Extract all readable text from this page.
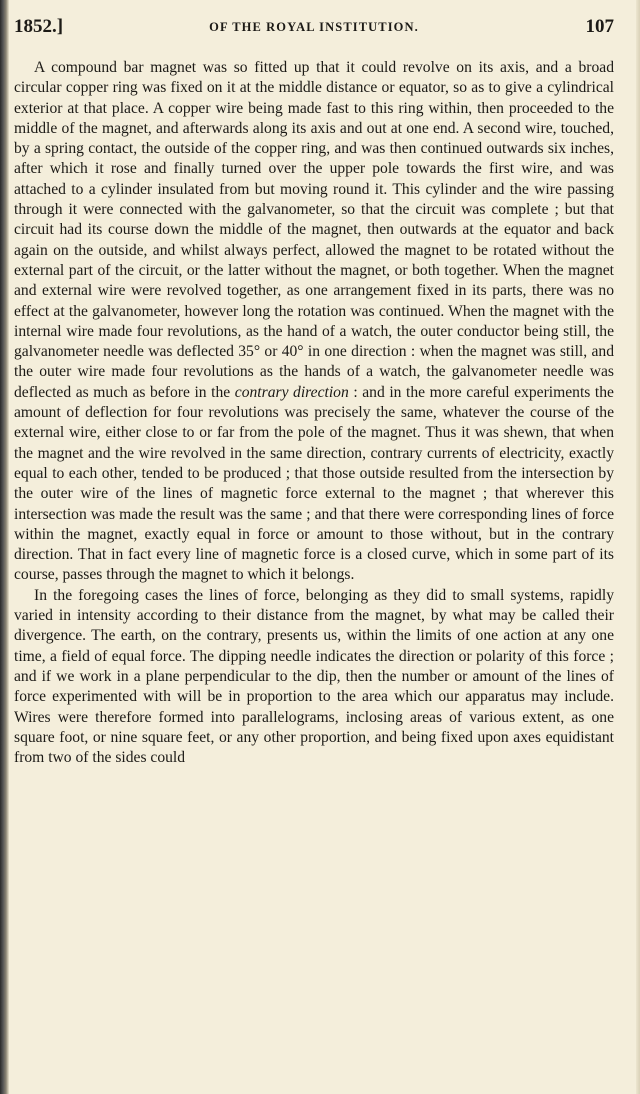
1852.]	OF THE ROYAL INSTITUTION.	107

A compound bar magnet was so fitted up that it could revolve on its axis, and a broad circular copper ring was fixed on it at the middle distance or equator, so as to give a cylindrical exterior at that place. A copper wire being made fast to this ring within, then proceeded to the middle of the magnet, and afterwards along its axis and out at one end. A second wire, touched, by a spring contact, the outside of the copper ring, and was then continued outwards six inches, after which it rose and finally turned over the upper pole towards the first wire, and was attached to a cylinder insulated from but moving round it. This cylinder and the wire passing through it were connected with the galvanometer, so that the circuit was complete ; but that circuit had its course down the middle of the magnet, then outwards at the equator and back again on the outside, and whilst always perfect, allowed the magnet to be rotated without the external part of the circuit, or the latter without the magnet, or both together. When the magnet and external wire were revolved together, as one arrangement fixed in its parts, there was no effect at the galvanometer, however long the rotation was continued. When the magnet with the internal wire made four revolutions, as the hand of a watch, the outer conductor being still, the galvanometer needle was deflected 35° or 40° in one direction : when the magnet was still, and the outer wire made four revolutions as the hands of a watch, the galvanometer needle was deflected as much as before in the contrary direction : and in the more careful experiments the amount of deflection for four revolutions was precisely the same, whatever the course of the external wire, either close to or far from the pole of the magnet. Thus it was shewn, that when the magnet and the wire revolved in the same direction, contrary currents of electricity, exactly equal to each other, tended to be produced ; that those outside resulted from the intersection by the outer wire of the lines of magnetic force external to the magnet ; that wherever this intersection was made the result was the same ; and that there were corresponding lines of force within the magnet, exactly equal in force or amount to those without, but in the contrary direction. That in fact every line of magnetic force is a closed curve, which in some part of its course, passes through the magnet to which it belongs.

In the foregoing cases the lines of force, belonging as they did to small systems, rapidly varied in intensity according to their distance from the magnet, by what may be called their divergence. The earth, on the contrary, presents us, within the limits of one action at any one time, a field of equal force. The dipping needle indicates the direction or polarity of this force ; and if we work in a plane perpendicular to the dip, then the number or amount of the lines of force experimented with will be in proportion to the area which our apparatus may include. Wires were therefore formed into parallelograms, inclosing areas of various extent, as one square foot, or nine square feet, or any other proportion, and being fixed upon axes equidistant from two of the sides could
